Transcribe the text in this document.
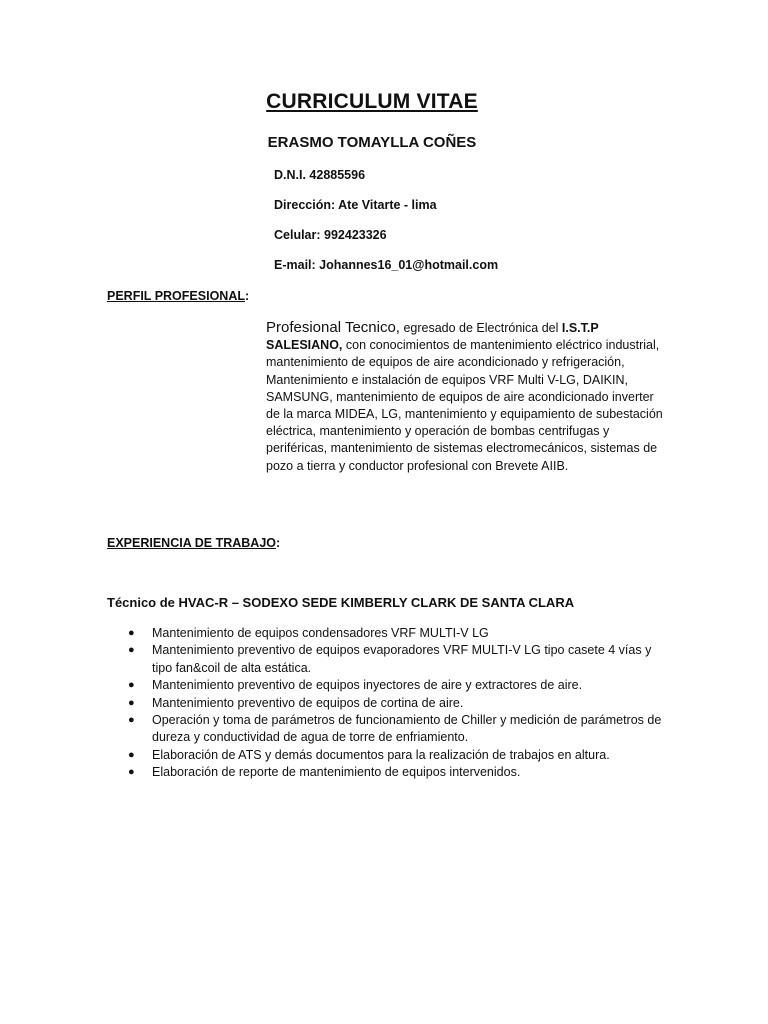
CURRICULUM VITAE
ERASMO TOMAYLLA COÑES
D.N.I. 42885596
Dirección: Ate Vitarte - lima
Celular: 992423326
E-mail: Johannes16_01@hotmail.com
PERFIL PROFESIONAL:
Profesional Tecnico, egresado de Electrónica del I.S.T.P SALESIANO, con conocimientos de mantenimiento eléctrico industrial, mantenimiento de equipos de aire acondicionado y refrigeración, Mantenimiento e instalación de equipos VRF Multi V-LG, DAIKIN, SAMSUNG, mantenimiento de equipos de aire acondicionado inverter de la marca MIDEA, LG, mantenimiento y equipamiento de subestación eléctrica, mantenimiento y operación de bombas centrifugas y periféricas, mantenimiento de sistemas electromecánicos, sistemas de pozo a tierra y conductor profesional con Brevete AIIB.
EXPERIENCIA DE TRABAJO:
Técnico de HVAC-R – SODEXO SEDE KIMBERLY CLARK DE SANTA CLARA
● Mantenimiento de equipos condensadores VRF MULTI-V LG
● Mantenimiento preventivo de equipos evaporadores VRF MULTI-V LG tipo casete 4 vías y tipo fan&coil de alta estática.
● Mantenimiento preventivo de equipos inyectores de aire y extractores de aire.
● Mantenimiento preventivo de equipos de cortina de aire.
● Operación y toma de parámetros de funcionamiento de Chiller y medición de parámetros de dureza y conductividad de agua de torre de enfriamiento.
● Elaboración de ATS y demás documentos para la realización de trabajos en altura.
● Elaboración de reporte de mantenimiento de equipos intervenidos.
